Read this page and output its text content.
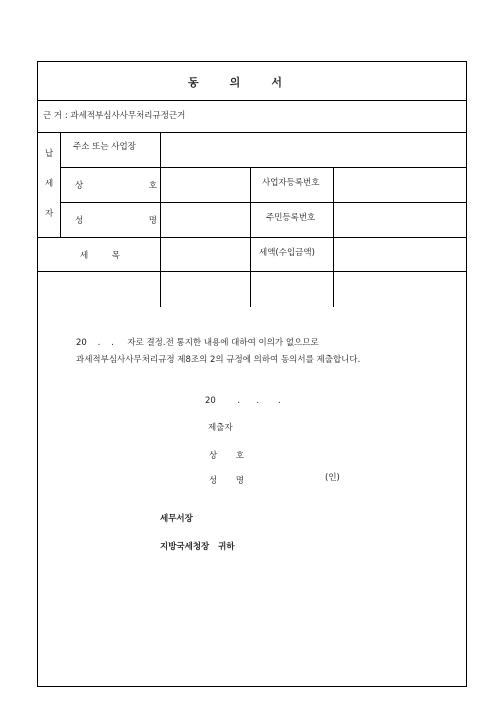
동	의	서
근 거 : 과세적부심사사무처리규정근거
납
세
자
주소 또는 사업장
상	호	사업자등록번호
성	명	주민등록번호
세	목	세액(수입금액)
20    .    .     자로 결정.전 통지한 내용에 대하여 이의가 없으므로
과세적부심사사무처리규정 제8조의 2의 규정에 의하여 동의서를 제출합니다.
20        .      .       .
제출자
상 호
성 명	(인)
세무서장
지방국세청장   귀하
